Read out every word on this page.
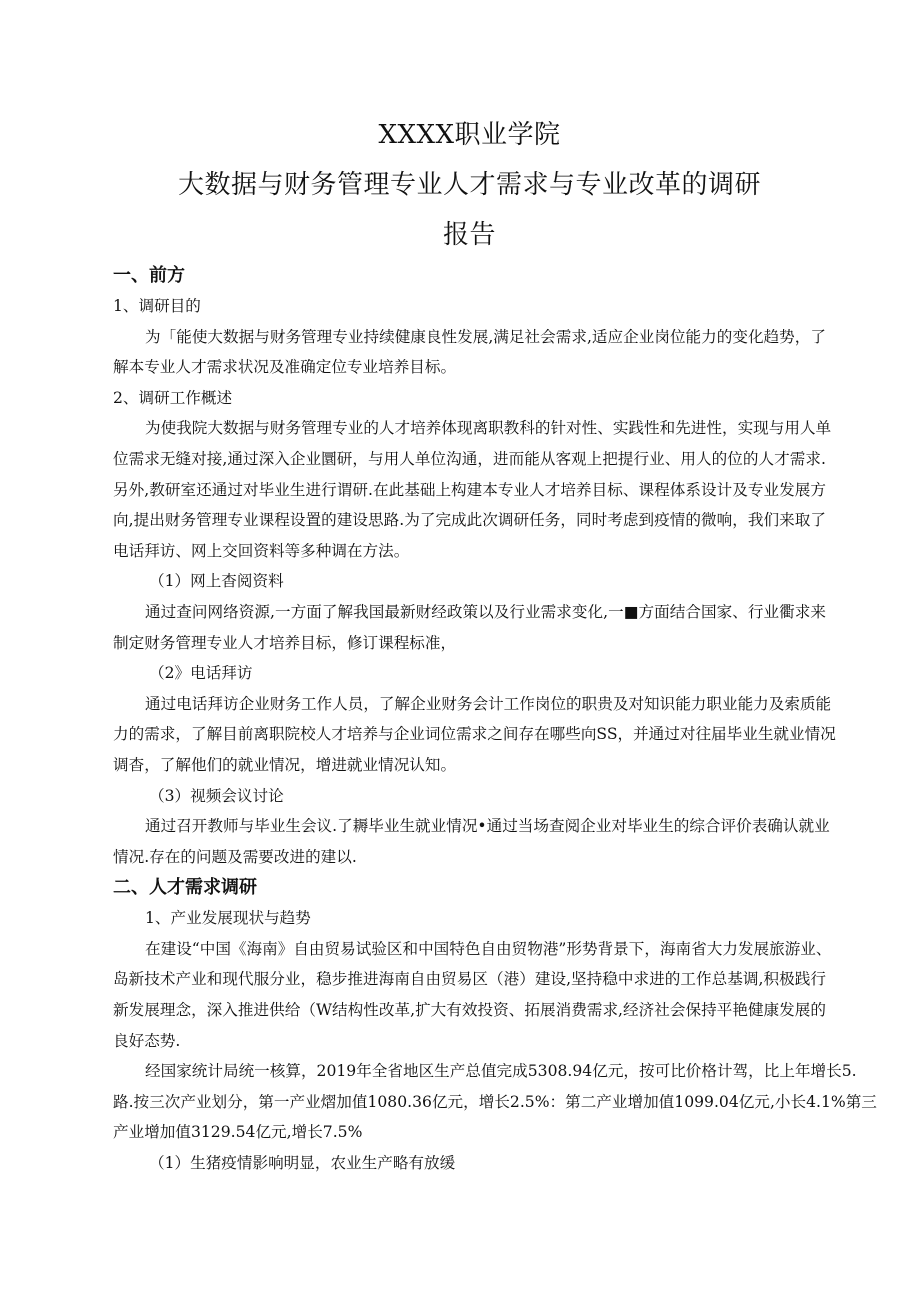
XXXX职业学院
大数据与财务管理专业人才需求与专业改革的调研
报告
一、前方
1、调研目的
为「能使大数据与财务管理专业持续健康良性发展,满足社会需求,适应企业岗位能力的变化趋势，了
解本专业人才需求状况及准确定位专业培养目标。
2、调研工作概述
为使我院大数据与财务管理专业的人才培养体现离职教科的针对性、实践性和先进性，实现与用人单
位需求无缝对接,通过深入企业圜研，与用人单位沟通，进而能从客观上把提行业、用人的位的人才需求.
另外,教研室还通过对毕业生进行谓研.在此基础上构建本专业人才培养目标、课程体系设计及专业发展方
向,提出财务管理专业课程设置的建设思路.为了完成此次调研任务，同时考虑到疫情的微响，我们来取了
电话拜访、网上交回资料等多种调在方法。
（1）网上杳阅资料
通过查问网络资源,一方面了解我国最新财经政策以及行业需求变化,一■方面结合国家、行业衢求来
制定财务管理专业人才培养目标，修订课程标准，
（2》电话拜访
通过电话拜访企业财务工作人员，了解企业财务会计工作岗位的职贵及对知识能力职业能力及索质能
力的需求，了解目前离职院校人才培养与企业词位需求之间存在哪些向SS，并通过对往届毕业生就业情况
调杳，了解他们的就业情况，增进就业情况认知。
（3）视频会议讨论
通过召开教师与毕业生会议.了耨毕业生就业情况•通过当场查阅企业对毕业生的综合评价表确认就业
情况.存在的问题及需要改进的建以.
二、人才需求调研
1、产业发展现状与趋势
在建设“中国《海南》自由贸易试验区和中国特色自由贸物港”形势背景下，海南省大力发展旅游业、
岛新技术产业和现代服分业，稳步推进海南自由贸易区（港）建设,坚持稳中求进的工作总基调,积极践行
新发展理念，深入推进供给（W结构性改革,扩大有效投资、拓展消费需求,经济社会保持平艳健康发展的
良好态势.
经国家统计局统一核算，2019年全省地区生产总值完成5308.94亿元，按可比价格计驾，比上年增长5.
路.按三次产业划分，第一产业熠加值1080.36亿元，增长2.5%：第二产业增加值1099.04亿元,小长4.1%第三
产业增加值3129.54亿元,增长7.5%
（1）生猪疫情影响明显，农业生产略有放缓
